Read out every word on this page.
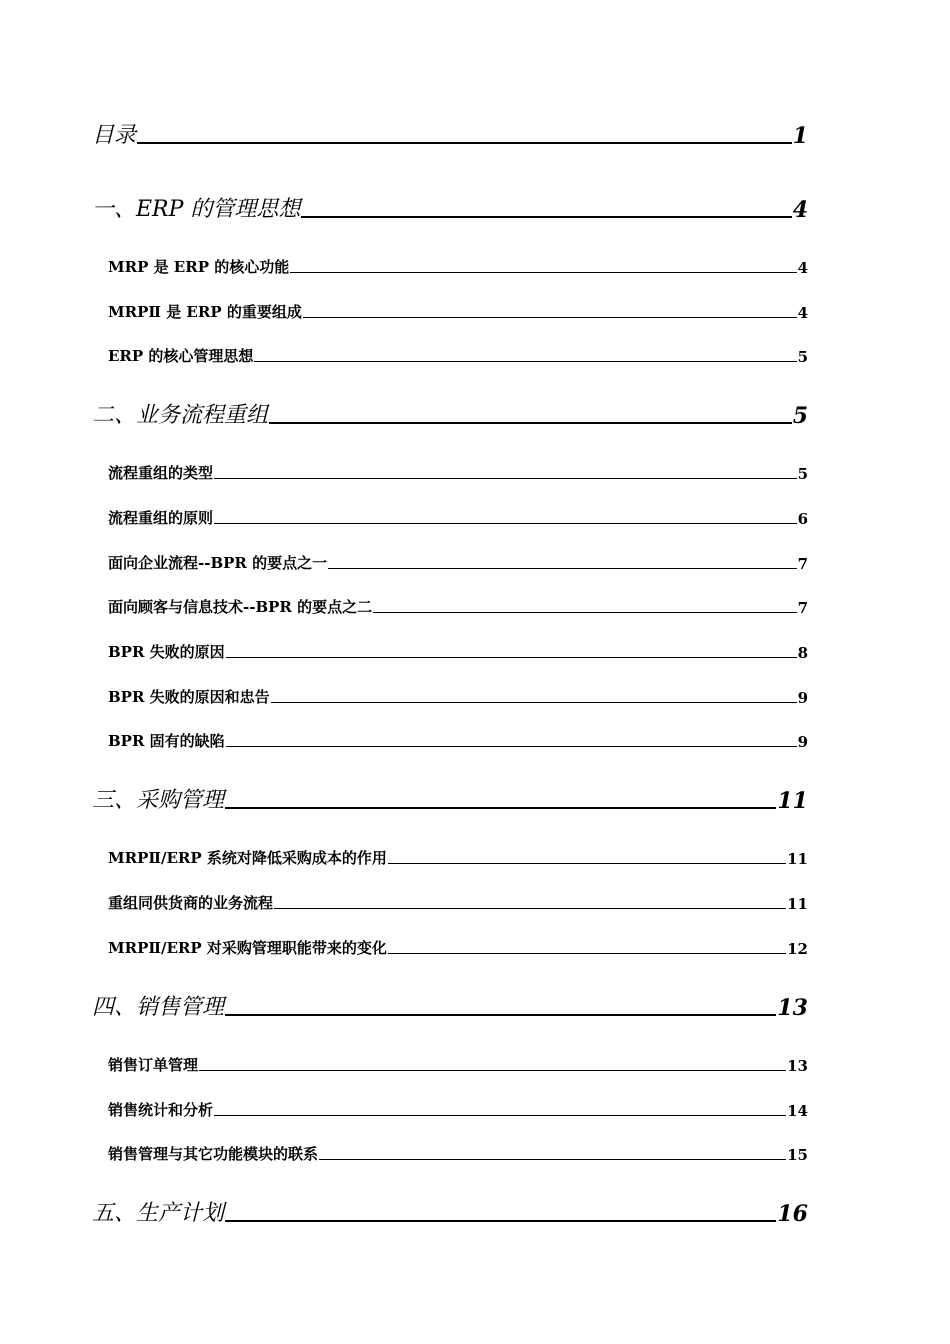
目录	1
一、ERP 的管理思想	4
MRP 是 ERP 的核心功能	4
MRPⅡ 是 ERP 的重要组成	4
ERP 的核心管理思想	5
二、业务流程重组	5
流程重组的类型	5
流程重组的原则	6
面向企业流程--BPR 的要点之一	7
面向顾客与信息技术--BPR 的要点之二	7
BPR 失败的原因	8
BPR 失败的原因和忠告	9
BPR 固有的缺陷	9
三、采购管理	11
MRPⅡ/ERP 系统对降低采购成本的作用	11
重组同供货商的业务流程	11
MRPⅡ/ERP 对采购管理职能带来的变化	12
四、销售管理	13
销售订单管理	13
销售统计和分析	14
销售管理与其它功能模块的联系	15
五、生产计划	16
